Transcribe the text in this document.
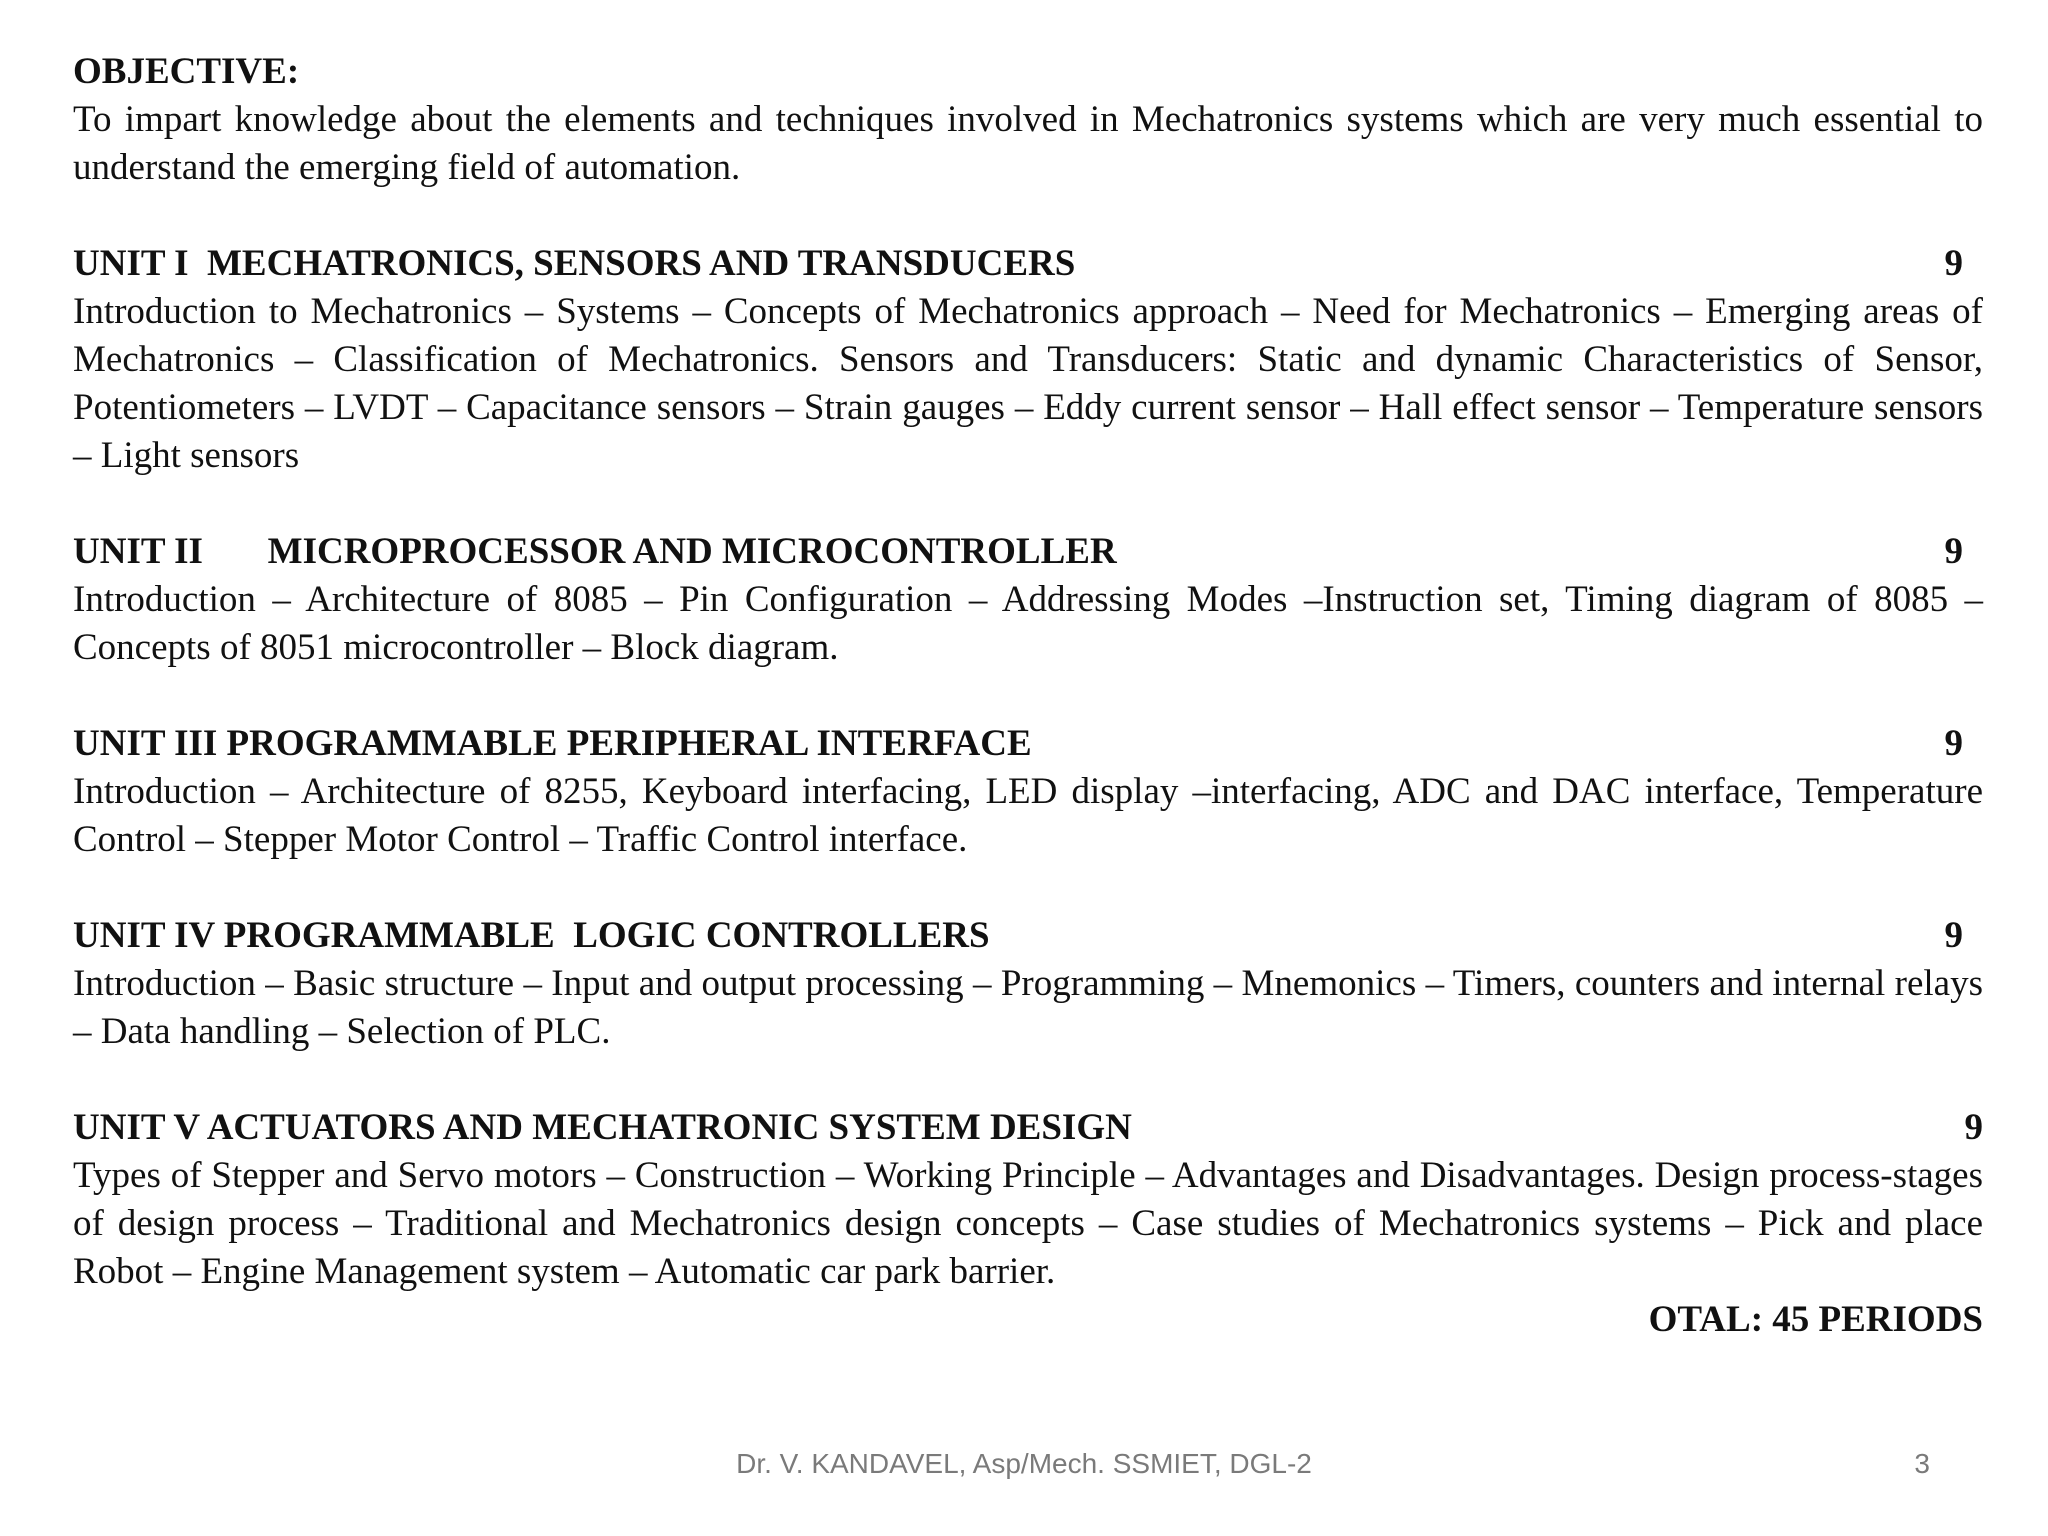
OBJECTIVE:

To impart knowledge about the elements and techniques involved in Mechatronics systems which are very much essential to understand the emerging field of automation.

UNIT I  MECHATRONICS, SENSORS AND TRANSDUCERS	9

Introduction to Mechatronics – Systems – Concepts of Mechatronics approach – Need for Mechatronics – Emerging areas of Mechatronics – Classification of Mechatronics. Sensors and Transducers: Static and dynamic Characteristics of Sensor, Potentiometers – LVDT – Capacitance sensors – Strain gauges – Eddy current sensor – Hall effect sensor – Temperature sensors – Light sensors

UNIT II       MICROPROCESSOR AND MICROCONTROLLER	9

Introduction – Architecture of 8085 – Pin Configuration – Addressing Modes –Instruction set, Timing diagram of 8085 – Concepts of 8051 microcontroller – Block diagram.

UNIT III PROGRAMMABLE PERIPHERAL INTERFACE	9

Introduction – Architecture of 8255, Keyboard interfacing, LED display –interfacing, ADC and DAC interface, Temperature Control – Stepper Motor Control – Traffic Control interface.

UNIT IV PROGRAMMABLE  LOGIC CONTROLLERS	9

Introduction – Basic structure – Input and output processing – Programming – Mnemonics – Timers, counters and internal relays – Data handling – Selection of PLC.

UNIT V ACTUATORS AND MECHATRONIC SYSTEM DESIGN	9

Types of Stepper and Servo motors – Construction – Working Principle – Advantages and Disadvantages. Design process-stages of design process – Traditional and Mechatronics design concepts – Case studies of Mechatronics systems – Pick and place Robot – Engine Management system – Automatic car park barrier.

OTAL: 45 PERIODS

Dr. V. KANDAVEL, Asp/Mech. SSMIET, DGL-2	3
